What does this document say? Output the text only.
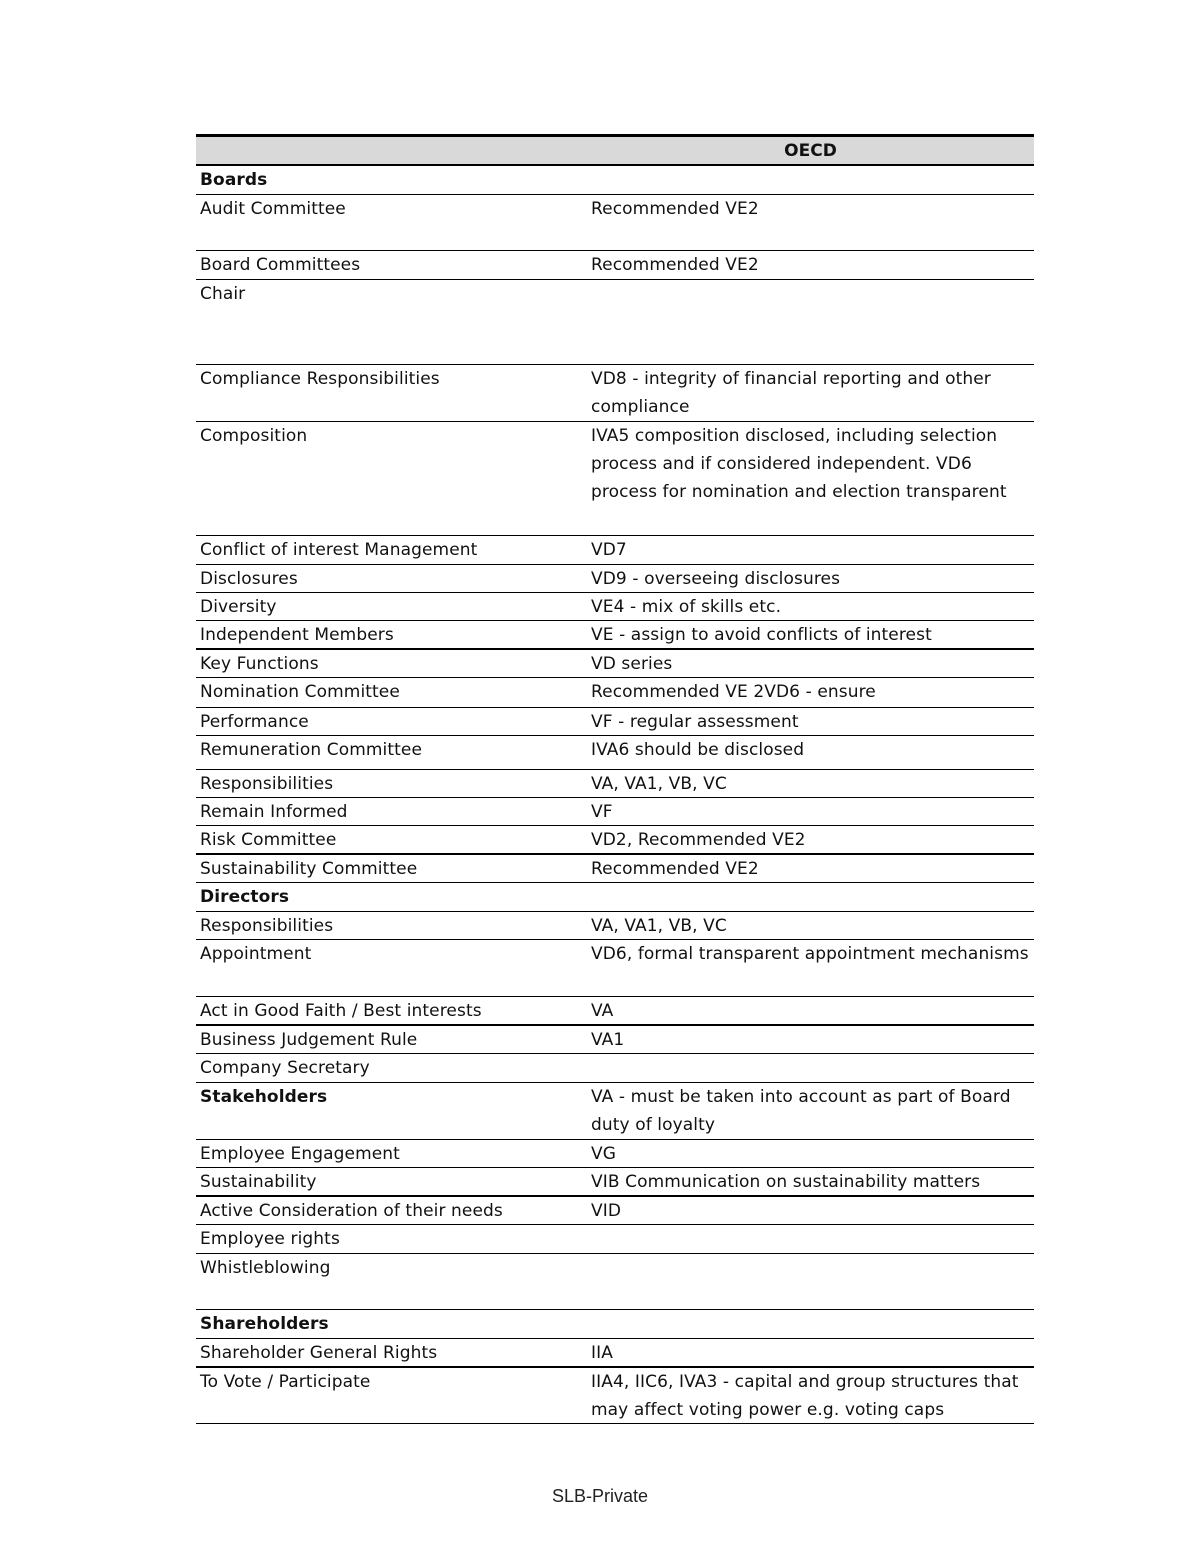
OECD
Boards
Audit Committee	Recommended VE2
Board Committees	Recommended VE2
Chair
Compliance Responsibilities	VD8 - integrity of financial reporting and other compliance
Composition	IVA5 composition disclosed, including selection process and if considered independent. VD6 process for nomination and election transparent
Conflict of interest Management	VD7
Disclosures	VD9 - overseeing disclosures
Diversity	VE4 - mix of skills etc.
Independent Members	VE - assign to avoid conflicts of interest
Key Functions	VD series
Nomination Committee	Recommended VE 2VD6 - ensure
Performance	VF - regular assessment
Remuneration Committee	IVA6 should be disclosed
Responsibilities	VA, VA1, VB, VC
Remain Informed	VF
Risk Committee	VD2, Recommended VE2
Sustainability Committee	Recommended VE2
Directors
Responsibilities	VA, VA1, VB, VC
Appointment	VD6, formal transparent appointment mechanisms
Act in Good Faith / Best interests	VA
Business Judgement Rule	VA1
Company Secretary
Stakeholders	VA - must be taken into account as part of Board duty of loyalty
Employee Engagement	VG
Sustainability	VIB Communication on sustainability matters
Active Consideration of their needs	VID
Employee rights
Whistleblowing
Shareholders
Shareholder General Rights	IIA
To Vote / Participate	IIA4, IIC6, IVA3 - capital and group structures that may affect voting power e.g. voting caps
SLB-Private
